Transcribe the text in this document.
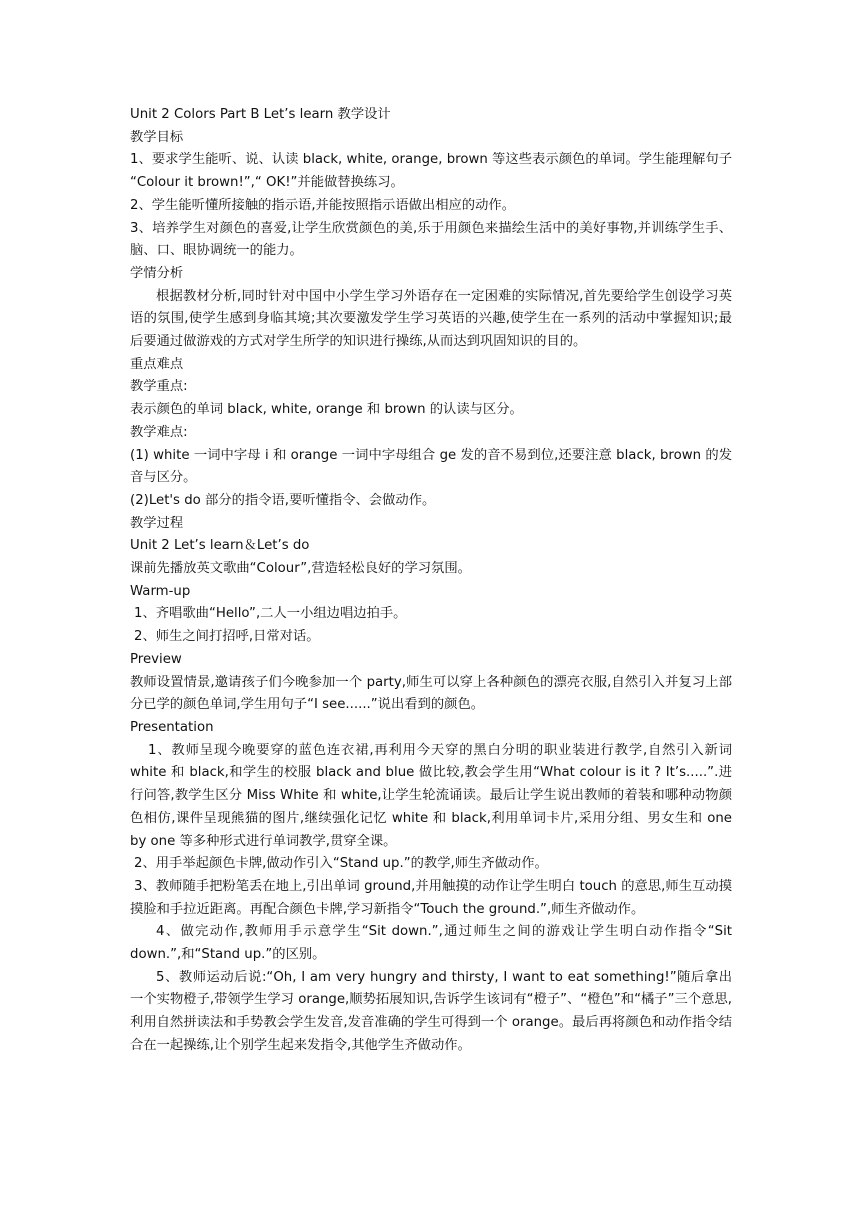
Unit 2 Colors Part B Let’s learn 教学设计

教学目标

1、要求学生能听、说、认读 black, white, orange, brown 等这些表示颜色的单词。学生能理解句子 “Colour it brown!”,“ OK!”并能做替换练习。

2、学生能听懂所接触的指示语,并能按照指示语做出相应的动作。

3、培养学生对颜色的喜爱,让学生欣赏颜色的美,乐于用颜色来描绘生活中的美好事物,并训练学生手、脑、口、眼协调统一的能力。

学情分析

根据教材分析,同时针对中国中小学生学习外语存在一定困难的实际情况,首先要给学生创设学习英语的氛围,使学生感到身临其境;其次要激发学生学习英语的兴趣,使学生在一系列的活动中掌握知识;最后要通过做游戏的方式对学生所学的知识进行操练,从而达到巩固知识的目的。

重点难点

教学重点:

表示颜色的单词 black, white, orange 和 brown 的认读与区分。

教学难点:

(1) white 一词中字母 i 和 orange 一词中字母组合 ge 发的音不易到位,还要注意 black, brown 的发音与区分。

(2)Let's do 部分的指令语,要听懂指令、会做动作。

教学过程

Unit 2 Let’s learn＆Let’s do

课前先播放英文歌曲“Colour”,营造轻松良好的学习氛围。

Warm-up

1、齐唱歌曲“Hello”,二人一小组边唱边拍手。

2、师生之间打招呼,日常对话。

Preview

教师设置情景,邀请孩子们今晚参加一个 party,师生可以穿上各种颜色的漂亮衣服,自然引入并复习上部分已学的颜色单词,学生用句子“I see......”说出看到的颜色。

Presentation

1、教师呈现今晚要穿的蓝色连衣裙,再利用今天穿的黑白分明的职业装进行教学,自然引入新词 white 和 black,和学生的校服 black and blue 做比较,教会学生用“What colour is it ? It’s.....”.进行问答,教学生区分 Miss White 和 white,让学生轮流诵读。最后让学生说出教师的着装和哪种动物颜色相仿,课件呈现熊猫的图片,继续强化记忆 white 和 black,利用单词卡片,采用分组、男女生和 one by one 等多种形式进行单词教学,贯穿全课。

2、用手举起颜色卡牌,做动作引入“Stand up.”的教学,师生齐做动作。

3、教师随手把粉笔丢在地上,引出单词 ground,并用触摸的动作让学生明白 touch 的意思,师生互动摸摸脸和手拉近距离。再配合颜色卡牌,学习新指令“Touch the ground.”,师生齐做动作。

4、做完动作,教师用手示意学生“Sit down.”,通过师生之间的游戏让学生明白动作指令“Sit down.”,和“Stand up.”的区别。

5、教师运动后说:“Oh, I am very hungry and thirsty, I want to eat something!”随后拿出一个实物橙子,带领学生学习 orange,顺势拓展知识,告诉学生该词有“橙子”、“橙色”和“橘子”三个意思,利用自然拼读法和手势教会学生发音,发音准确的学生可得到一个 orange。最后再将颜色和动作指令结合在一起操练,让个别学生起来发指令,其他学生齐做动作。
